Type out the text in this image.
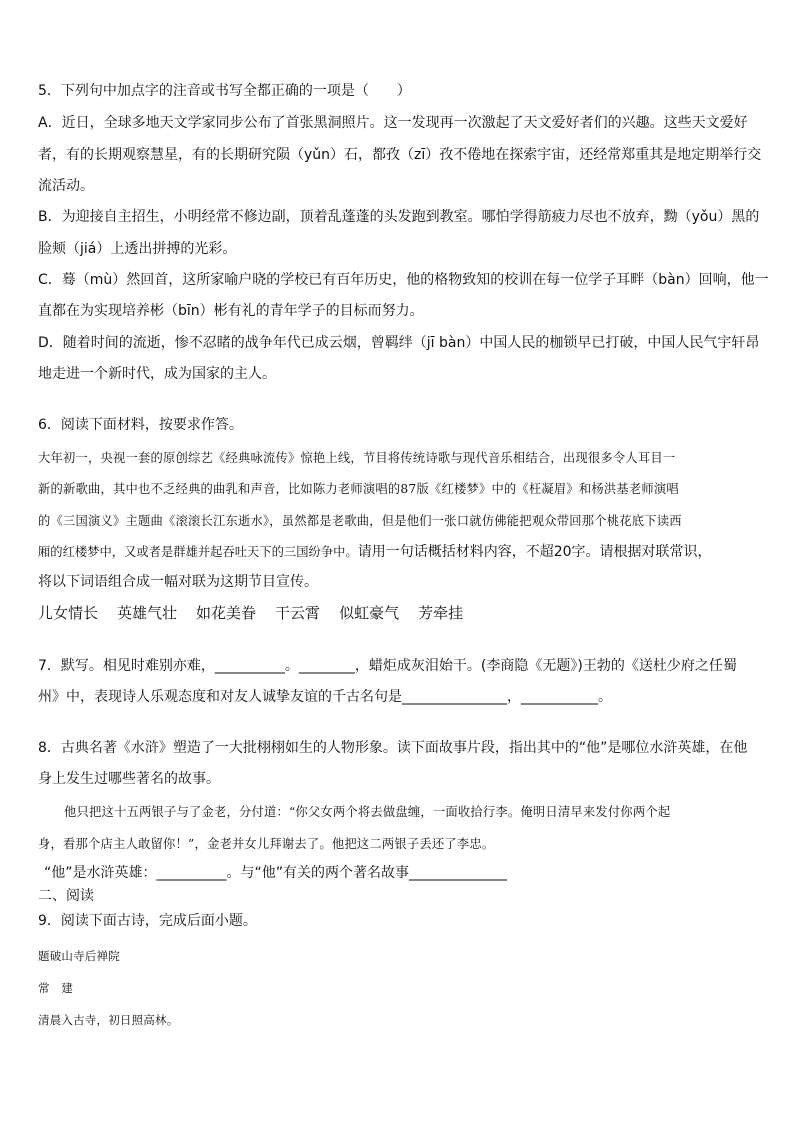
5．下列句中加点字的注音或书写全都正确的一项是（　　）
A．近日，全球多地天文学家同步公布了首张黑洞照片。这一发现再一次激起了天文爱好者们的兴趣。这些天文爱好
者，有的长期观察慧星，有的长期研究陨（yǔn）石，都孜（zī）孜不倦地在探索宇宙，还经常郑重其是地定期举行交
流活动。
B．为迎接自主招生，小明经常不修边副，顶着乱蓬蓬的头发跑到教室。哪怕学得筋疲力尽也不放弃，黝（yǒu）黑的
脸颊（jiá）上透出拼搏的光彩。
C．蓦（mù）然回首，这所家喻户晓的学校已有百年历史，他的格物致知的校训在每一位学子耳畔（bàn）回响，他一
直都在为实现培养彬（bīn）彬有礼的青年学子的目标而努力。
D．随着时间的流逝，惨不忍睹的战争年代已成云烟，曾羁绊（jī bàn）中国人民的枷锁早已打破，中国人民气宇轩昂
地走进一个新时代，成为国家的主人。
6．阅读下面材料，按要求作答。
大年初一，央视一套的原创综艺《经典咏流传》惊艳上线，节目将传统诗歌与现代音乐相结合，出现很多令人耳目一
新的新歌曲，其中也不乏经典的曲乳和声音，比如陈力老师演唱的87版《红楼梦》中的《枉凝眉》和杨洪基老师演唱
的《三国演义》主题曲《滚滚长江东逝水》，虽然都是老歌曲，但是他们一张口就仿佛能把观众带回那个桃花底下读西
厢的红楼梦中，又或者是群雄并起吞吐天下的三国纷争中。请用一句话概括材料内容，不超20字。请根据对联常识，
将以下词语组合成一幅对联为这期节目宣传。
儿女情长 英雄气壮 如花美眷 干云霄 似虹豪气 芳牵挂
7．默写。相见时难别亦难，__________。________，蜡炬成灰泪始干。(李商隐《无题》)王勃的《送杜少府之任蜀
州》中，表现诗人乐观态度和对友人诚挚友谊的千古名句是_______________，___________。
8．古典名著《水浒》塑造了一大批栩栩如生的人物形象。读下面故事片段，指出其中的“他”是哪位水浒英雄，在他
身上发生过哪些著名的故事。
他只把这十五两银子与了金老，分付道：“你父女两个将去做盘缠，一面收拾行李。俺明日清早来发付你两个起
身，看那个店主人敢留你！”，金老并女儿拜谢去了。他把这二两银子丢还了李忠。
“他”是水浒英雄：__________。与“他”有关的两个著名故事______________
二、阅读
9．阅读下面古诗，完成后面小题。
题破山寺后禅院
常　建
清晨入古寺，初日照高林。
